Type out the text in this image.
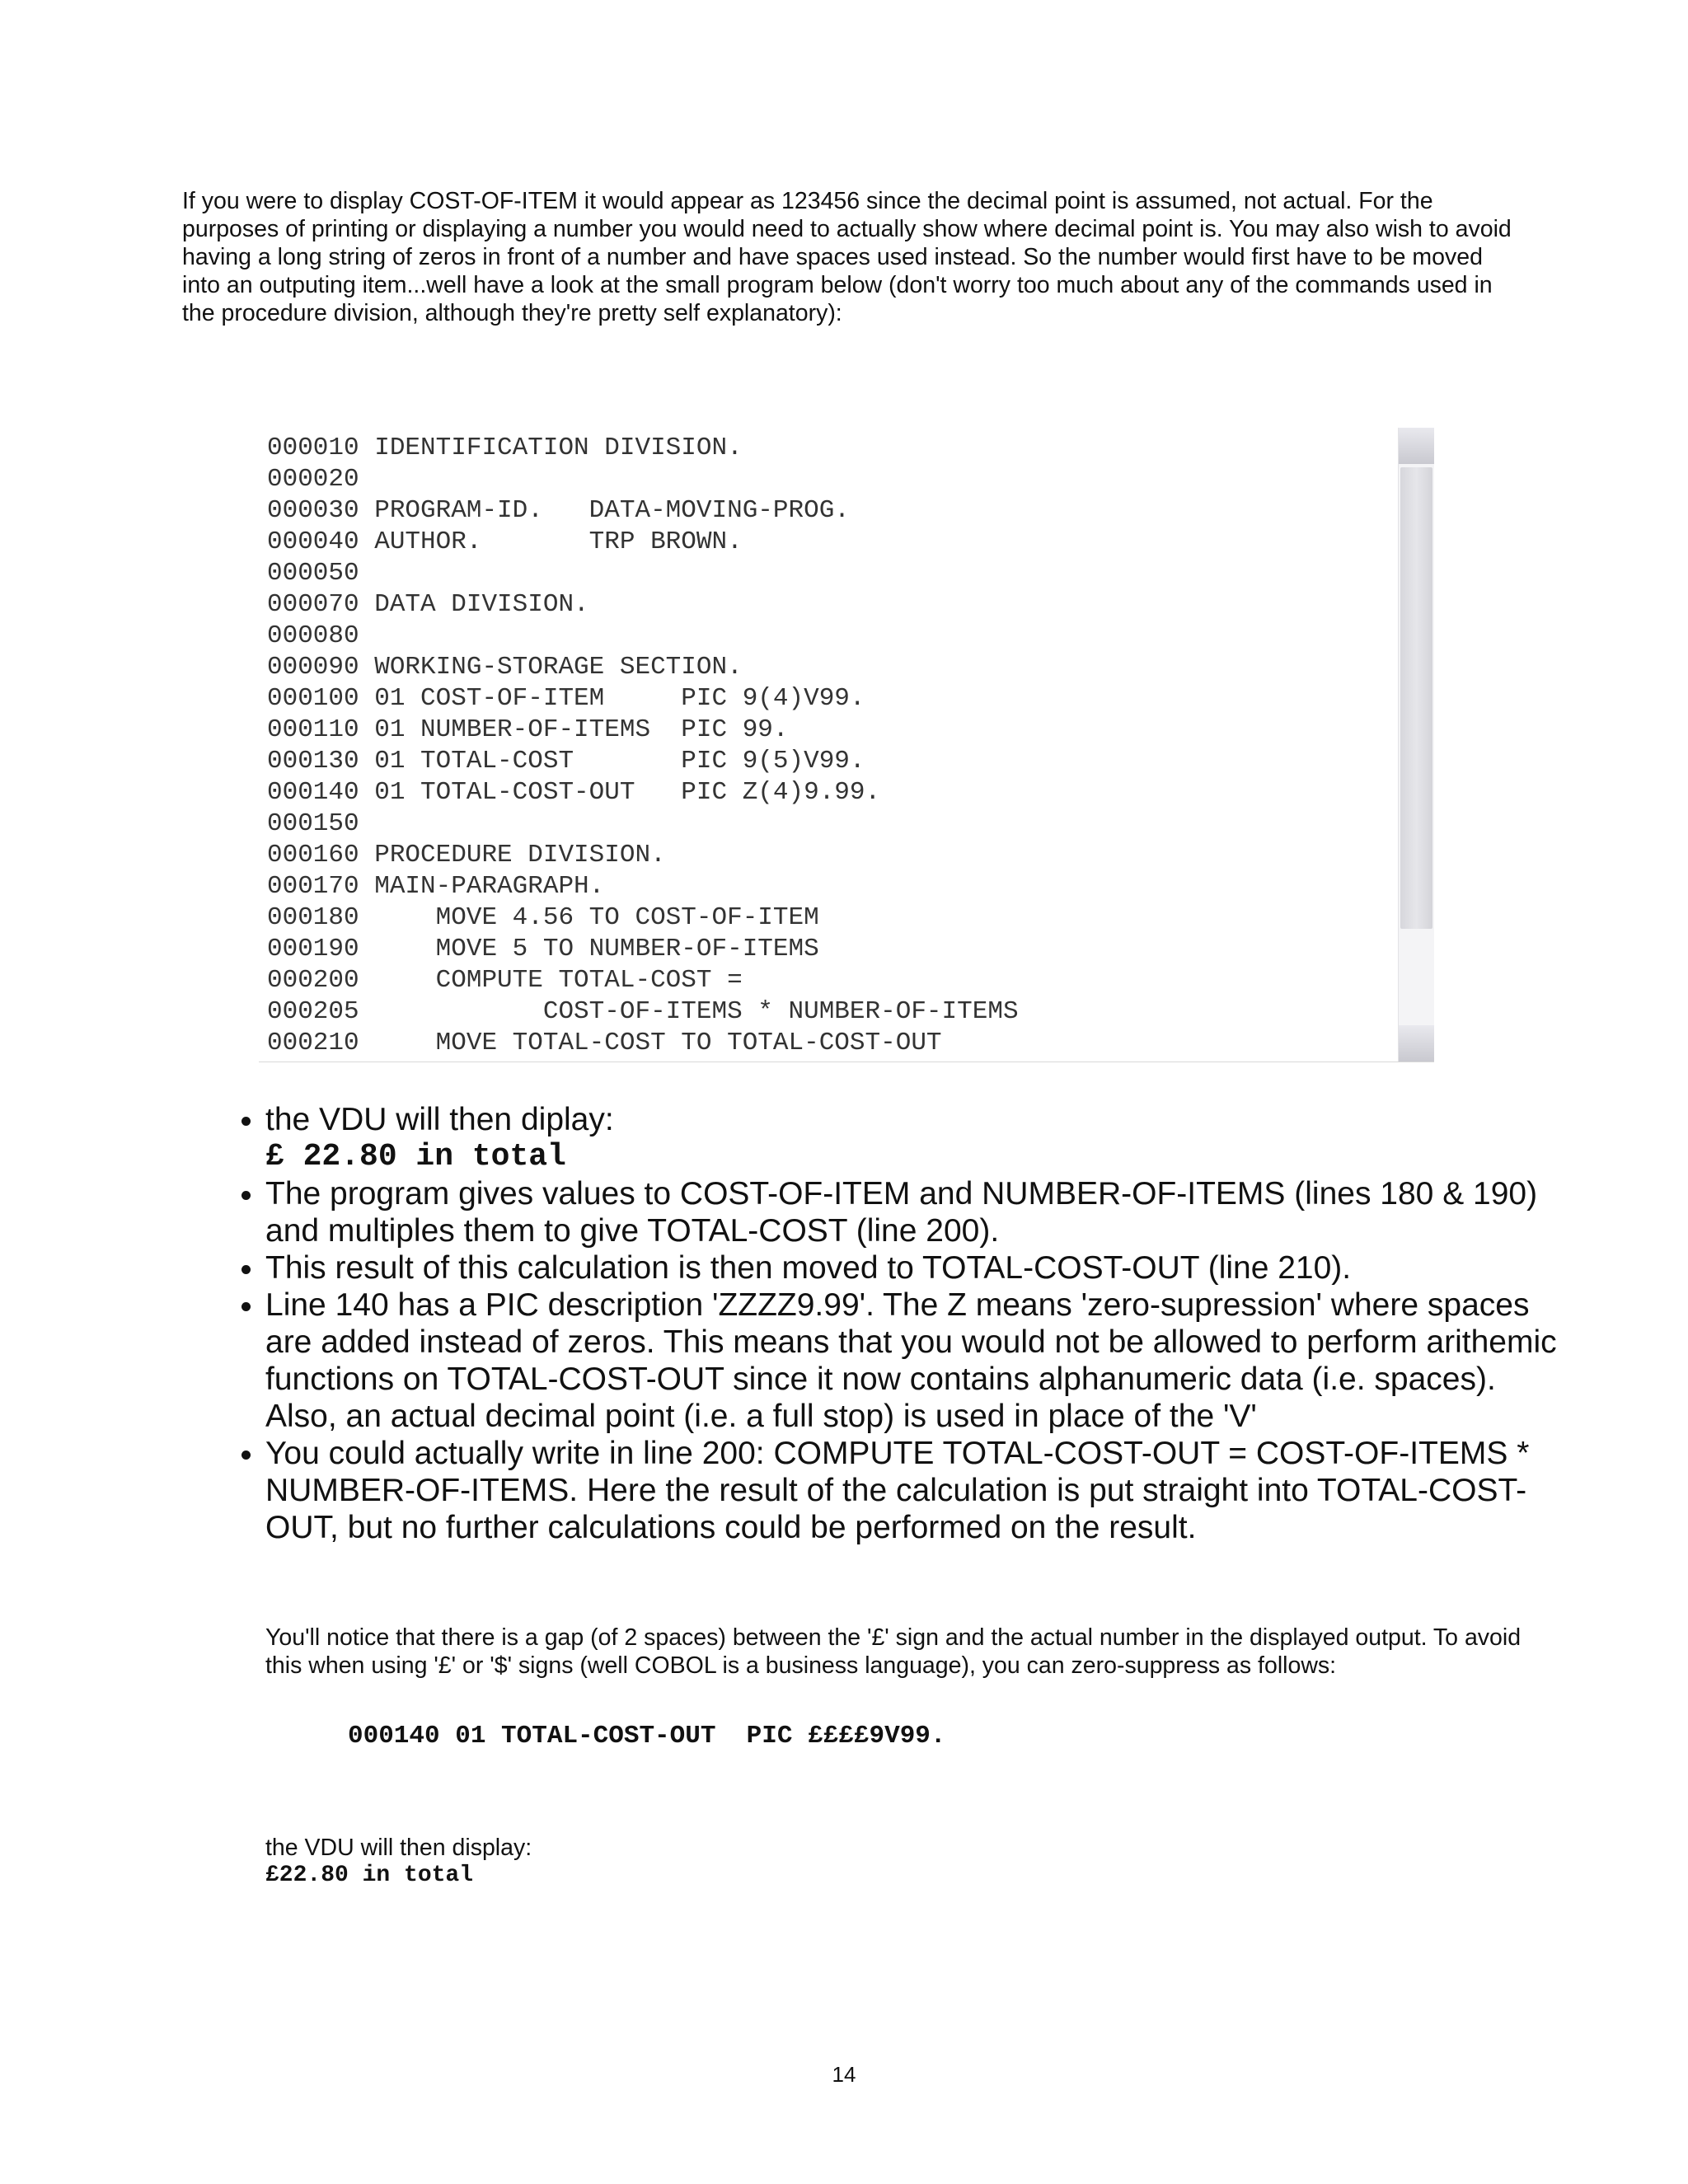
If you were to display COST-OF-ITEM it would appear as 123456 since the decimal point is assumed, not actual. For the purposes of printing or displaying a number you would need to actually show where decimal point is. You may also wish to avoid having a long string of zeros in front of a number and have spaces used instead. So the number would first have to be moved into an outputing item...well have a look at the small program below (don't worry too much about any of the commands used in the procedure division, although they're pretty self explanatory):

000010 IDENTIFICATION DIVISION.
000020
000030 PROGRAM-ID.   DATA-MOVING-PROG.
000040 AUTHOR.       TRP BROWN.
000050
000070 DATA DIVISION.
000080
000090 WORKING-STORAGE SECTION.
000100 01 COST-OF-ITEM     PIC 9(4)V99.
000110 01 NUMBER-OF-ITEMS  PIC 99.
000130 01 TOTAL-COST       PIC 9(5)V99.
000140 01 TOTAL-COST-OUT   PIC Z(4)9.99.
000150
000160 PROCEDURE DIVISION.
000170 MAIN-PARAGRAPH.
000180     MOVE 4.56 TO COST-OF-ITEM
000190     MOVE 5 TO NUMBER-OF-ITEMS
000200     COMPUTE TOTAL-COST =
000205            COST-OF-ITEMS * NUMBER-OF-ITEMS
000210     MOVE TOTAL-COST TO TOTAL-COST-OUT
• the VDU will then diplay:
£ 22.80 in total
• The program gives values to COST-OF-ITEM and NUMBER-OF-ITEMS (lines 180 & 190) and multiples them to give TOTAL-COST (line 200).
• This result of this calculation is then moved to TOTAL-COST-OUT (line 210).
• Line 140 has a PIC description 'ZZZZ9.99'. The Z means 'zero-supression' where spaces are added instead of zeros. This means that you would not be allowed to perform arithemic functions on TOTAL-COST-OUT since it now contains alphanumeric data (i.e. spaces). Also, an actual decimal point (i.e. a full stop) is used in place of the 'V'
• You could actually write in line 200: COMPUTE TOTAL-COST-OUT = COST-OF-ITEMS * NUMBER-OF-ITEMS. Here the result of the calculation is put straight into TOTAL-COST-OUT, but no further calculations could be performed on the result.

You'll notice that there is a gap (of 2 spaces) between the '£' sign and the actual number in the displayed output. To avoid this when using '£' or '$' signs (well COBOL is a business language), you can zero-suppress as follows:

000140 01 TOTAL-COST-OUT  PIC ££££9V99.

the VDU will then display:

£22.80 in total

14
